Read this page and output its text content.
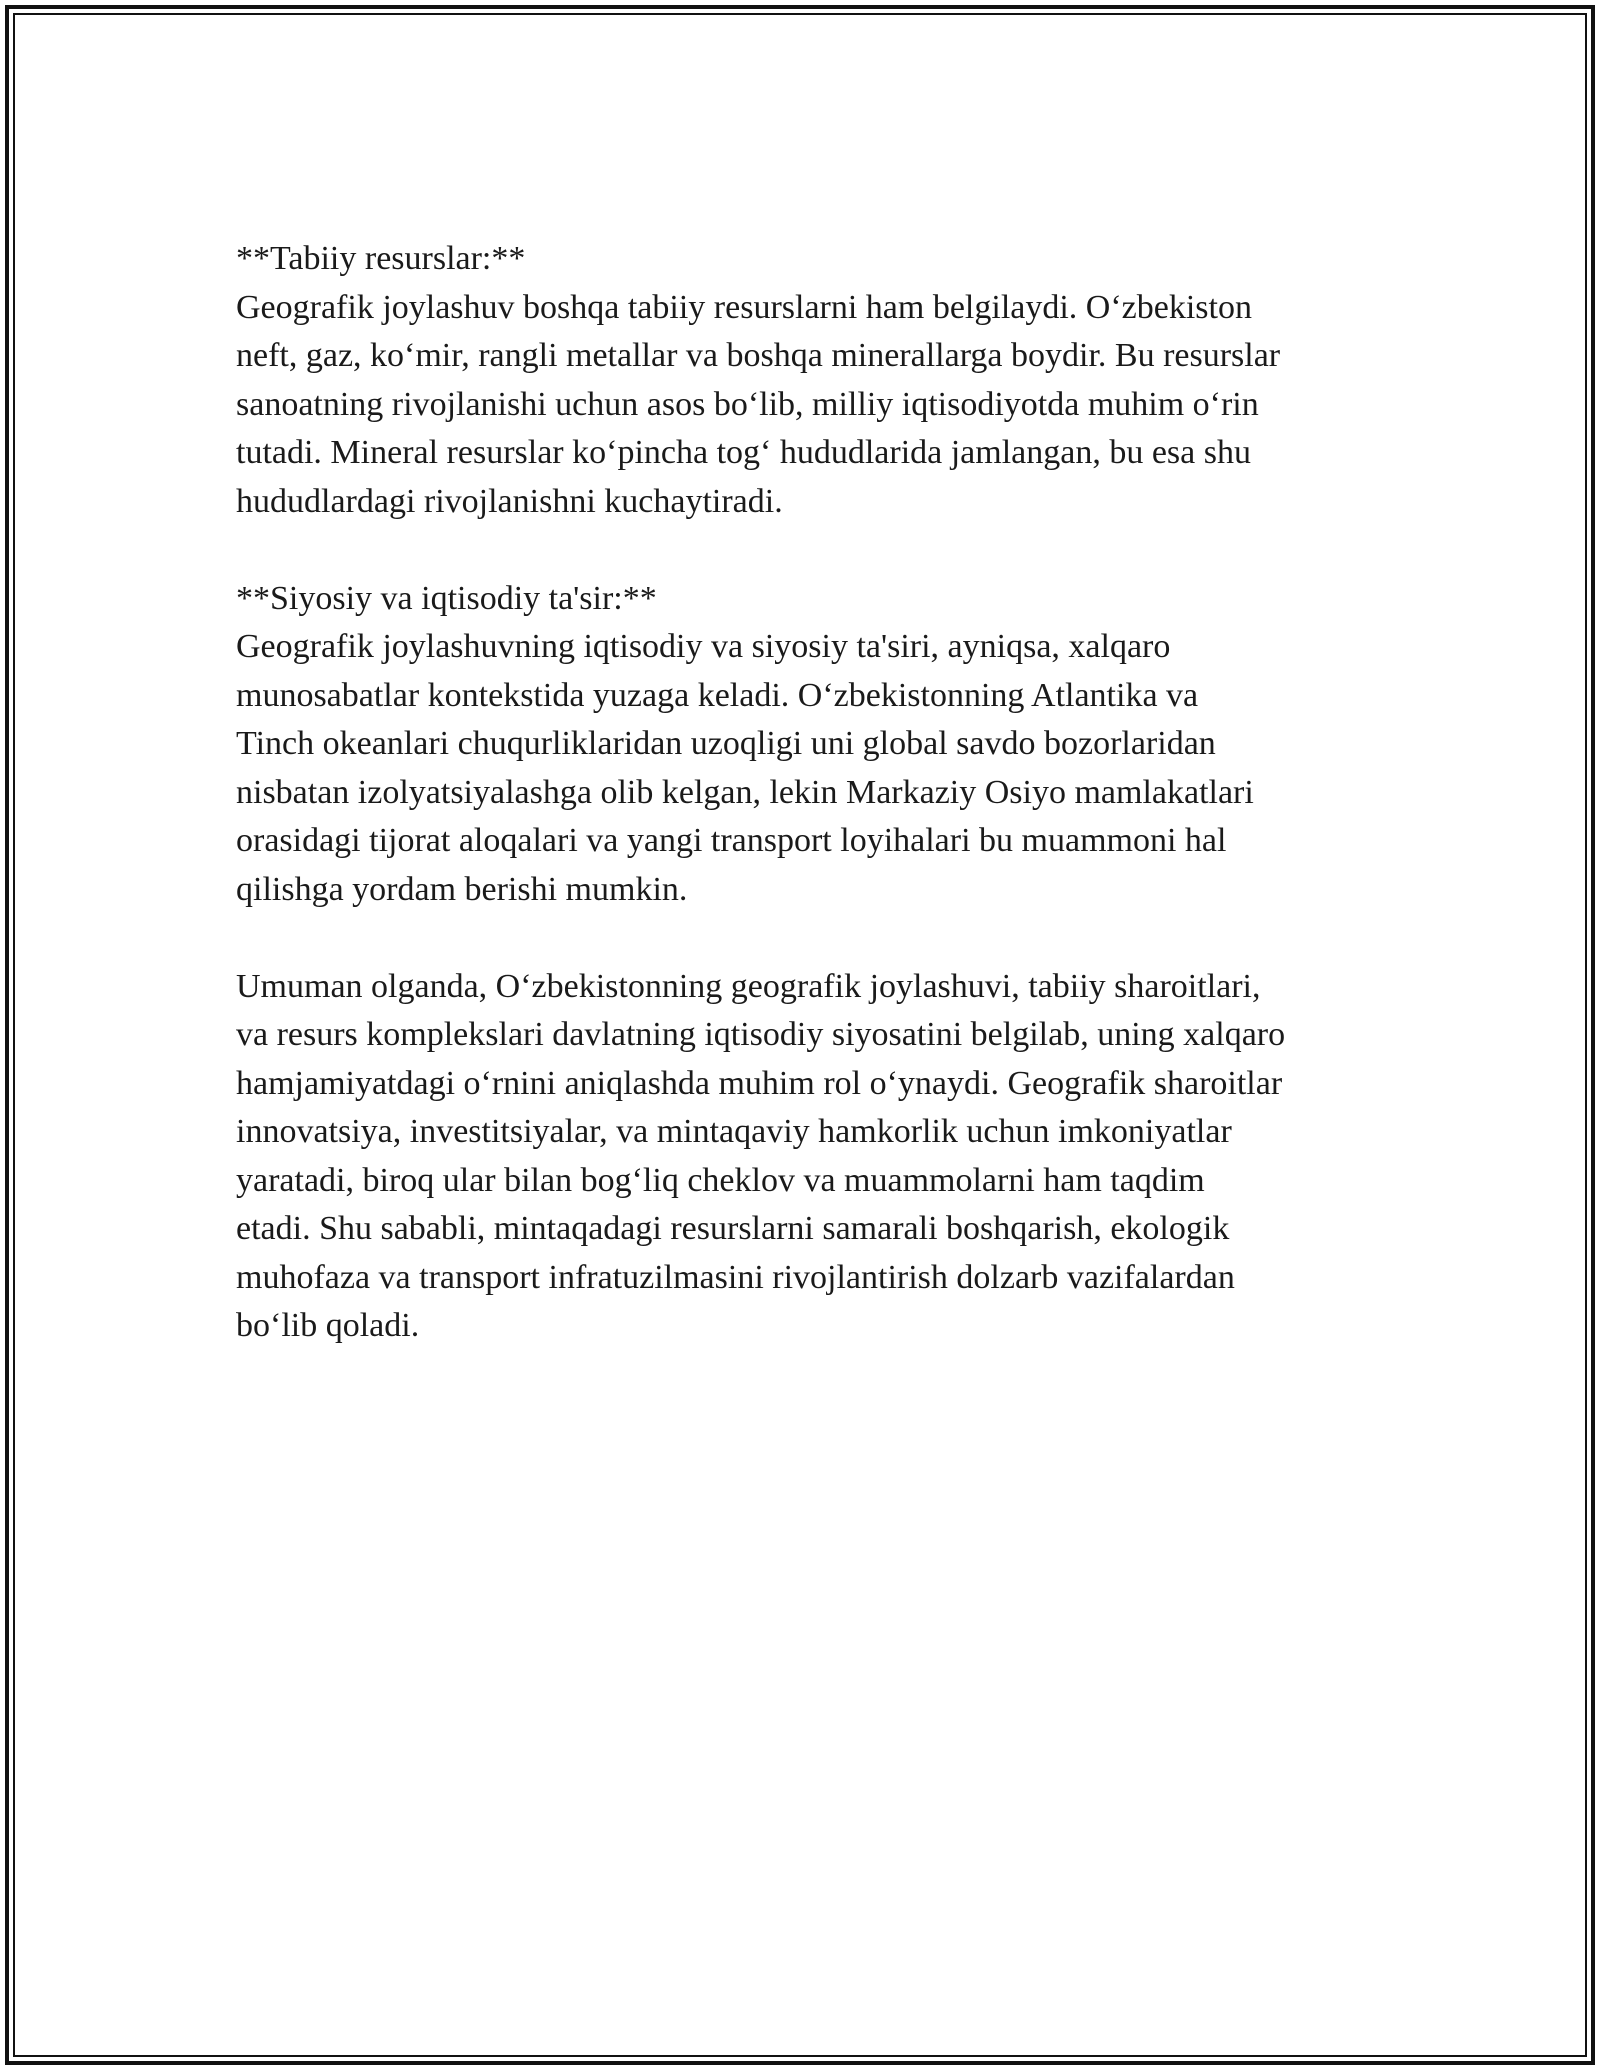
**Tabiiy resurslar:**
Geografik joylashuv boshqa tabiiy resurslarni ham belgilaydi. O‘zbekiston
neft, gaz, ko‘mir, rangli metallar va boshqa minerallarga boydir. Bu resurslar
sanoatning rivojlanishi uchun asos bo‘lib, milliy iqtisodiyotda muhim o‘rin
tutadi. Mineral resurslar ko‘pincha tog‘ hududlarida jamlangan, bu esa shu
hududlardagi rivojlanishni kuchaytiradi.
**Siyosiy va iqtisodiy ta'sir:**
Geografik joylashuvning iqtisodiy va siyosiy ta'siri, ayniqsa, xalqaro
munosabatlar kontekstida yuzaga keladi. O‘zbekistonning Atlantika va
Tinch okeanlari chuqurliklaridan uzoqligi uni global savdo bozorlaridan
nisbatan izolyatsiyalashga olib kelgan, lekin Markaziy Osiyo mamlakatlari
orasidagi tijorat aloqalari va yangi transport loyihalari bu muammoni hal
qilishga yordam berishi mumkin.
Umuman olganda, O‘zbekistonning geografik joylashuvi, tabiiy sharoitlari,
va resurs komplekslari davlatning iqtisodiy siyosatini belgilab, uning xalqaro
hamjamiyatdagi o‘rnini aniqlashda muhim rol o‘ynaydi. Geografik sharoitlar
innovatsiya, investitsiyalar, va mintaqaviy hamkorlik uchun imkoniyatlar
yaratadi, biroq ular bilan bog‘liq cheklov va muammolarni ham taqdim
etadi. Shu sababli, mintaqadagi resurslarni samarali boshqarish, ekologik
muhofaza va transport infratuzilmasini rivojlantirish dolzarb vazifalardan
bo‘lib qoladi.
